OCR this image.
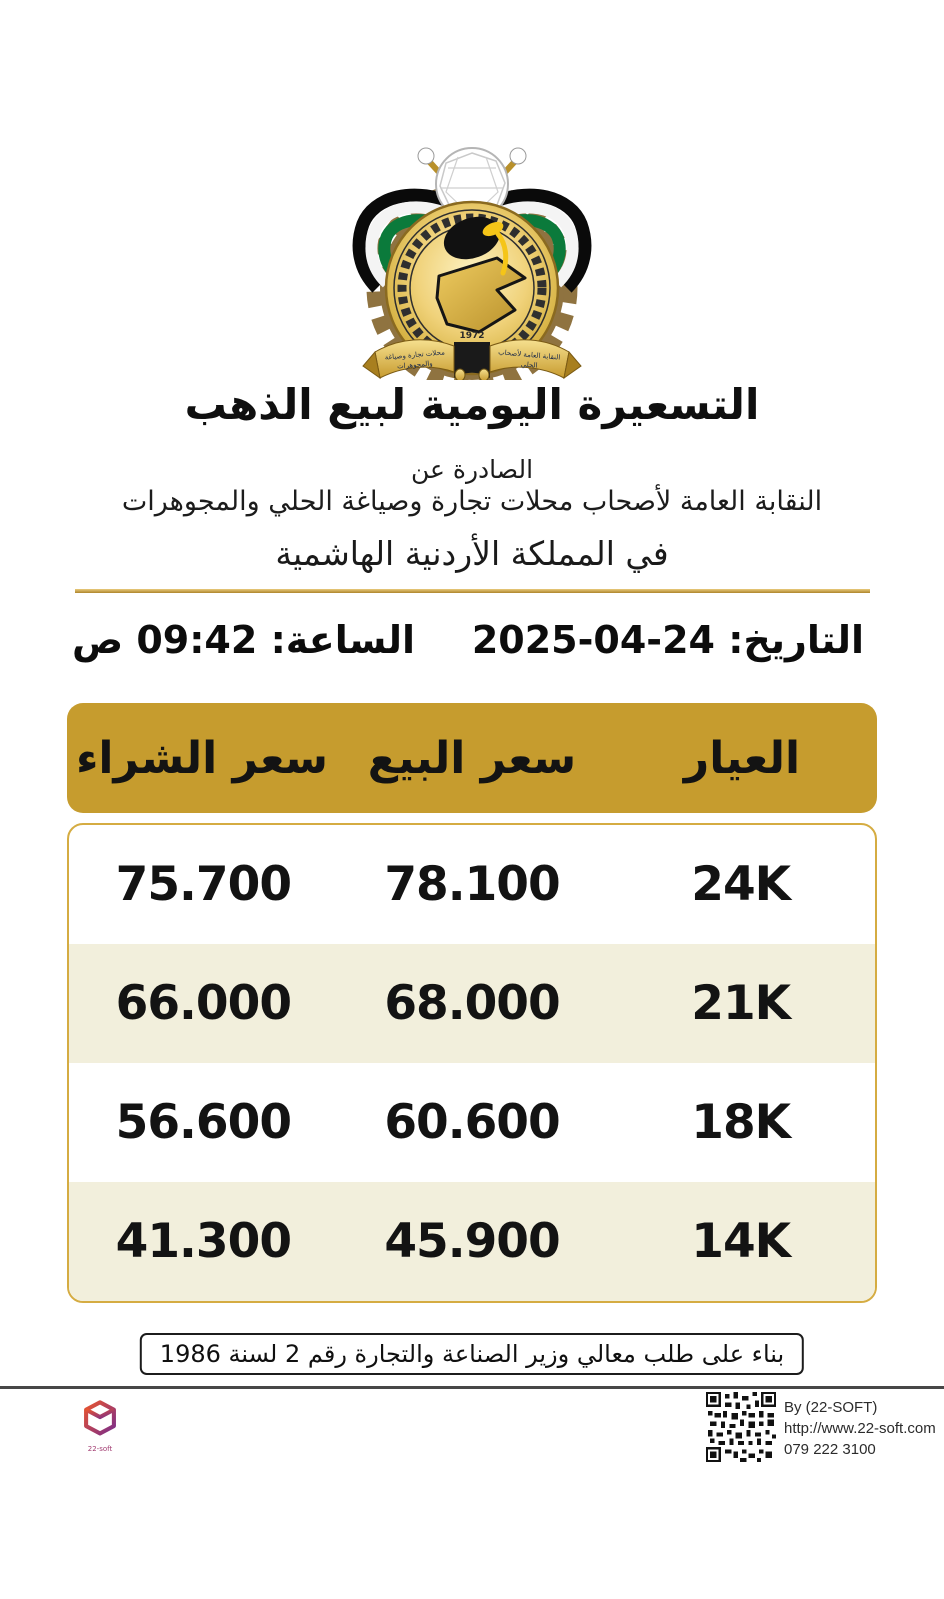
1972
النقابة العامة لأصحاب
الحلي
محلات تجارة وصياغة
والمجوهرات
التسعيرة اليومية لبيع الذهب
الصادرة عن
النقابة العامة لأصحاب محلات تجارة وصياغة الحلي والمجوهرات
في المملكة الأردنية الهاشمية
التاريخ: 24-04-2025
الساعة: 09:42 ص
العيار
سعر البيع
سعر الشراء
24K
78.100
75.700
21K
68.000
66.000
18K
60.600
56.600
14K
45.900
41.300
بناء على طلب معالي وزير الصناعة والتجارة رقم 2 لسنة 1986
22-soft
By (22-SOFT)
http://www.22-soft.com
079 222 3100
